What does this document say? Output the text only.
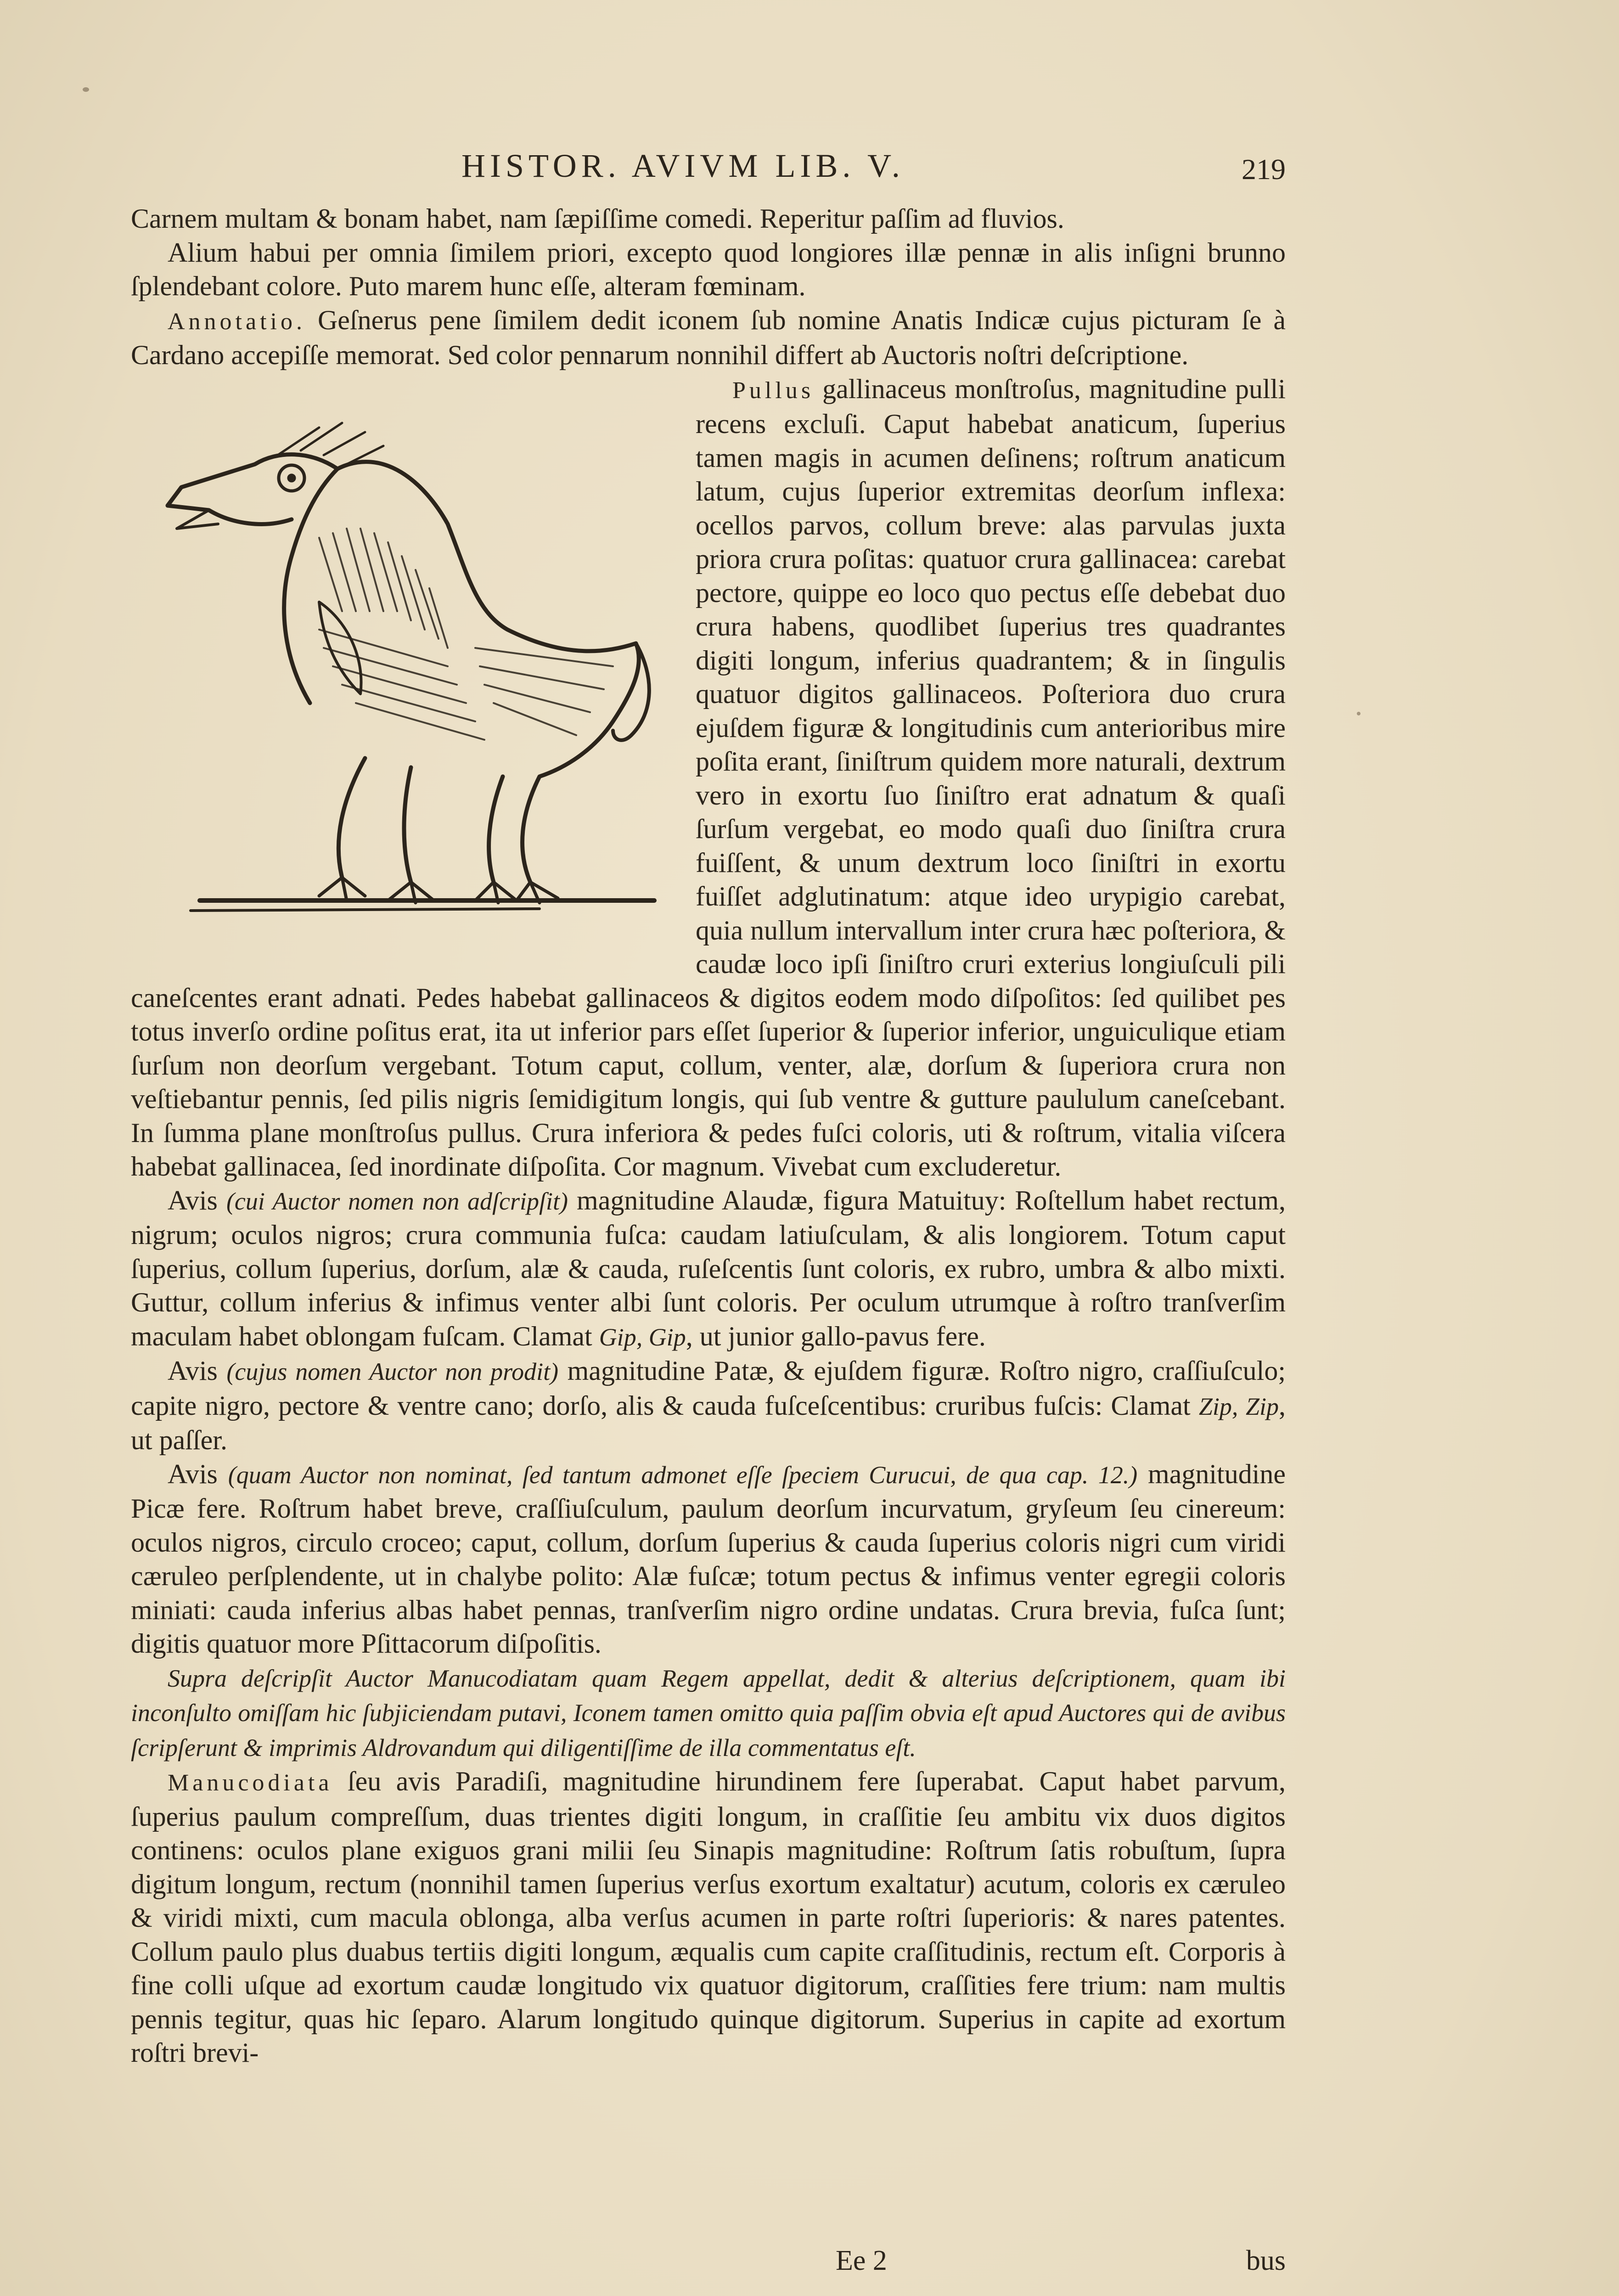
HISTOR. AVIVM LIB. V.	219

Carnem multam & bonam habet, nam ſæpiſſime comedi. Reperitur paſſim ad fluvios.

Alium habui per omnia ſimilem priori, excepto quod longiores illæ pennæ in alis inſigni brunno ſplendebant colore. Puto marem hunc eſſe, alteram fœminam.

Annotatio. Geſnerus pene ſimilem dedit iconem ſub nomine Anatis Indicæ cujus picturam ſe à Cardano accepiſſe memorat. Sed color pennarum nonnihil differt ab Auctoris noſtri deſcriptione.

Pullus gallinaceus monſtroſus, magnitudine pulli recens excluſi. Caput habebat anaticum, ſuperius tamen magis in acumen deſinens; roſtrum anaticum latum, cujus ſuperior extremitas deorſum inflexa: ocellos parvos, collum breve: alas parvulas juxta priora crura poſitas: quatuor crura gallinacea: carebat pectore, quippe eo loco quo pectus eſſe debebat duo crura habens, quodlibet ſuperius tres quadrantes digiti longum, inferius quadrantem; & in ſingulis quatuor digitos gallinaceos. Poſteriora duo crura ejuſdem figuræ & longitudinis cum anterioribus mire poſita erant, ſiniſtrum quidem more naturali, dextrum vero in exortu ſuo ſiniſtro erat adnatum & quaſi ſurſum vergebat, eo modo quaſi duo ſiniſtra crura fuiſſent, & unum dextrum loco ſiniſtri in exortu fuiſſet adglutinatum: atque ideo urypigio carebat, quia nullum intervallum inter crura hæc poſteriora, & caudæ loco ipſi ſiniſtro cruri exterius longiuſculi pili caneſcentes erant adnati. Pedes habebat gallinaceos & digitos eodem modo diſpoſitos: ſed quilibet pes totus inverſo ordine poſitus erat, ita ut inferior pars eſſet ſuperior & ſuperior inferior, unguiculique etiam ſurſum non deorſum vergebant. Totum caput, collum, venter, alæ, dorſum & ſuperiora crura non veſtiebantur pennis, ſed pilis nigris ſemidigitum longis, qui ſub ventre & gutture paululum caneſcebant. In ſumma plane monſtroſus pullus. Crura inferiora & pedes fuſci coloris, uti & roſtrum, vitalia viſcera habebat gallinacea, ſed inordinate diſpoſita. Cor magnum. Vivebat cum excluderetur.

Avis (cui Auctor nomen non adſcripſit) magnitudine Alaudæ, figura Matuituy: Roſtellum habet rectum, nigrum; oculos nigros; crura communia fuſca: caudam latiuſculam, & alis longiorem. Totum caput ſuperius, collum ſuperius, dorſum, alæ & cauda, ruſeſcentis ſunt coloris, ex rubro, umbra & albo mixti. Guttur, collum inferius & infimus venter albi ſunt coloris. Per oculum utrumque à roſtro tranſverſim maculam habet oblongam fuſcam. Clamat Gip, Gip, ut junior gallo-pavus fere.

Avis (cujus nomen Auctor non prodit) magnitudine Patæ, & ejuſdem figuræ. Roſtro nigro, craſſiuſculo; capite nigro, pectore & ventre cano; dorſo, alis & cauda fuſceſcentibus: cruribus fuſcis: Clamat Zip, Zip, ut paſſer.

Avis (quam Auctor non nominat, ſed tantum admonet eſſe ſpeciem Curucui, de qua cap. 12.) magnitudine Picæ fere. Roſtrum habet breve, craſſiuſculum, paulum deorſum incurvatum, gryſeum ſeu cinereum: oculos nigros, circulo croceo; caput, collum, dorſum ſuperius & cauda ſuperius coloris nigri cum viridi cæruleo perſplendente, ut in chalybe polito: Alæ fuſcæ; totum pectus & infimus venter egregii coloris miniati: cauda inferius albas habet pennas, tranſverſim nigro ordine undatas. Crura brevia, fuſca ſunt; digitis quatuor more Pſittacorum diſpoſitis.

Supra deſcripſit Auctor Manucodiatam quam Regem appellat, dedit & alterius deſcriptionem, quam ibi inconſulto omiſſam hic ſubjiciendam putavi, Iconem tamen omitto quia paſſim obvia eſt apud Auctores qui de avibus ſcripſerunt & imprimis Aldrovandum qui diligentiſſime de illa commentatus eſt.

Manucodiata ſeu avis Paradiſi, magnitudine hirundinem fere ſuperabat. Caput habet parvum, ſuperius paulum compreſſum, duas trientes digiti longum, in craſſitie ſeu ambitu vix duos digitos continens: oculos plane exiguos grani milii ſeu Sinapis magnitudine: Roſtrum ſatis robuſtum, ſupra digitum longum, rectum (nonnihil tamen ſuperius verſus exortum exaltatur) acutum, coloris ex cæruleo & viridi mixti, cum macula oblonga, alba verſus acumen in parte roſtri ſuperioris: & nares patentes. Collum paulo plus duabus tertiis digiti longum, æqualis cum capite craſſitudinis, rectum eſt. Corporis à fine colli uſque ad exortum caudæ longitudo vix quatuor digitorum, craſſities fere trium: nam multis pennis tegitur, quas hic ſeparo. Alarum longitudo quinque digitorum. Superius in capite ad exortum roſtri brevi-

Ee 2	bus
